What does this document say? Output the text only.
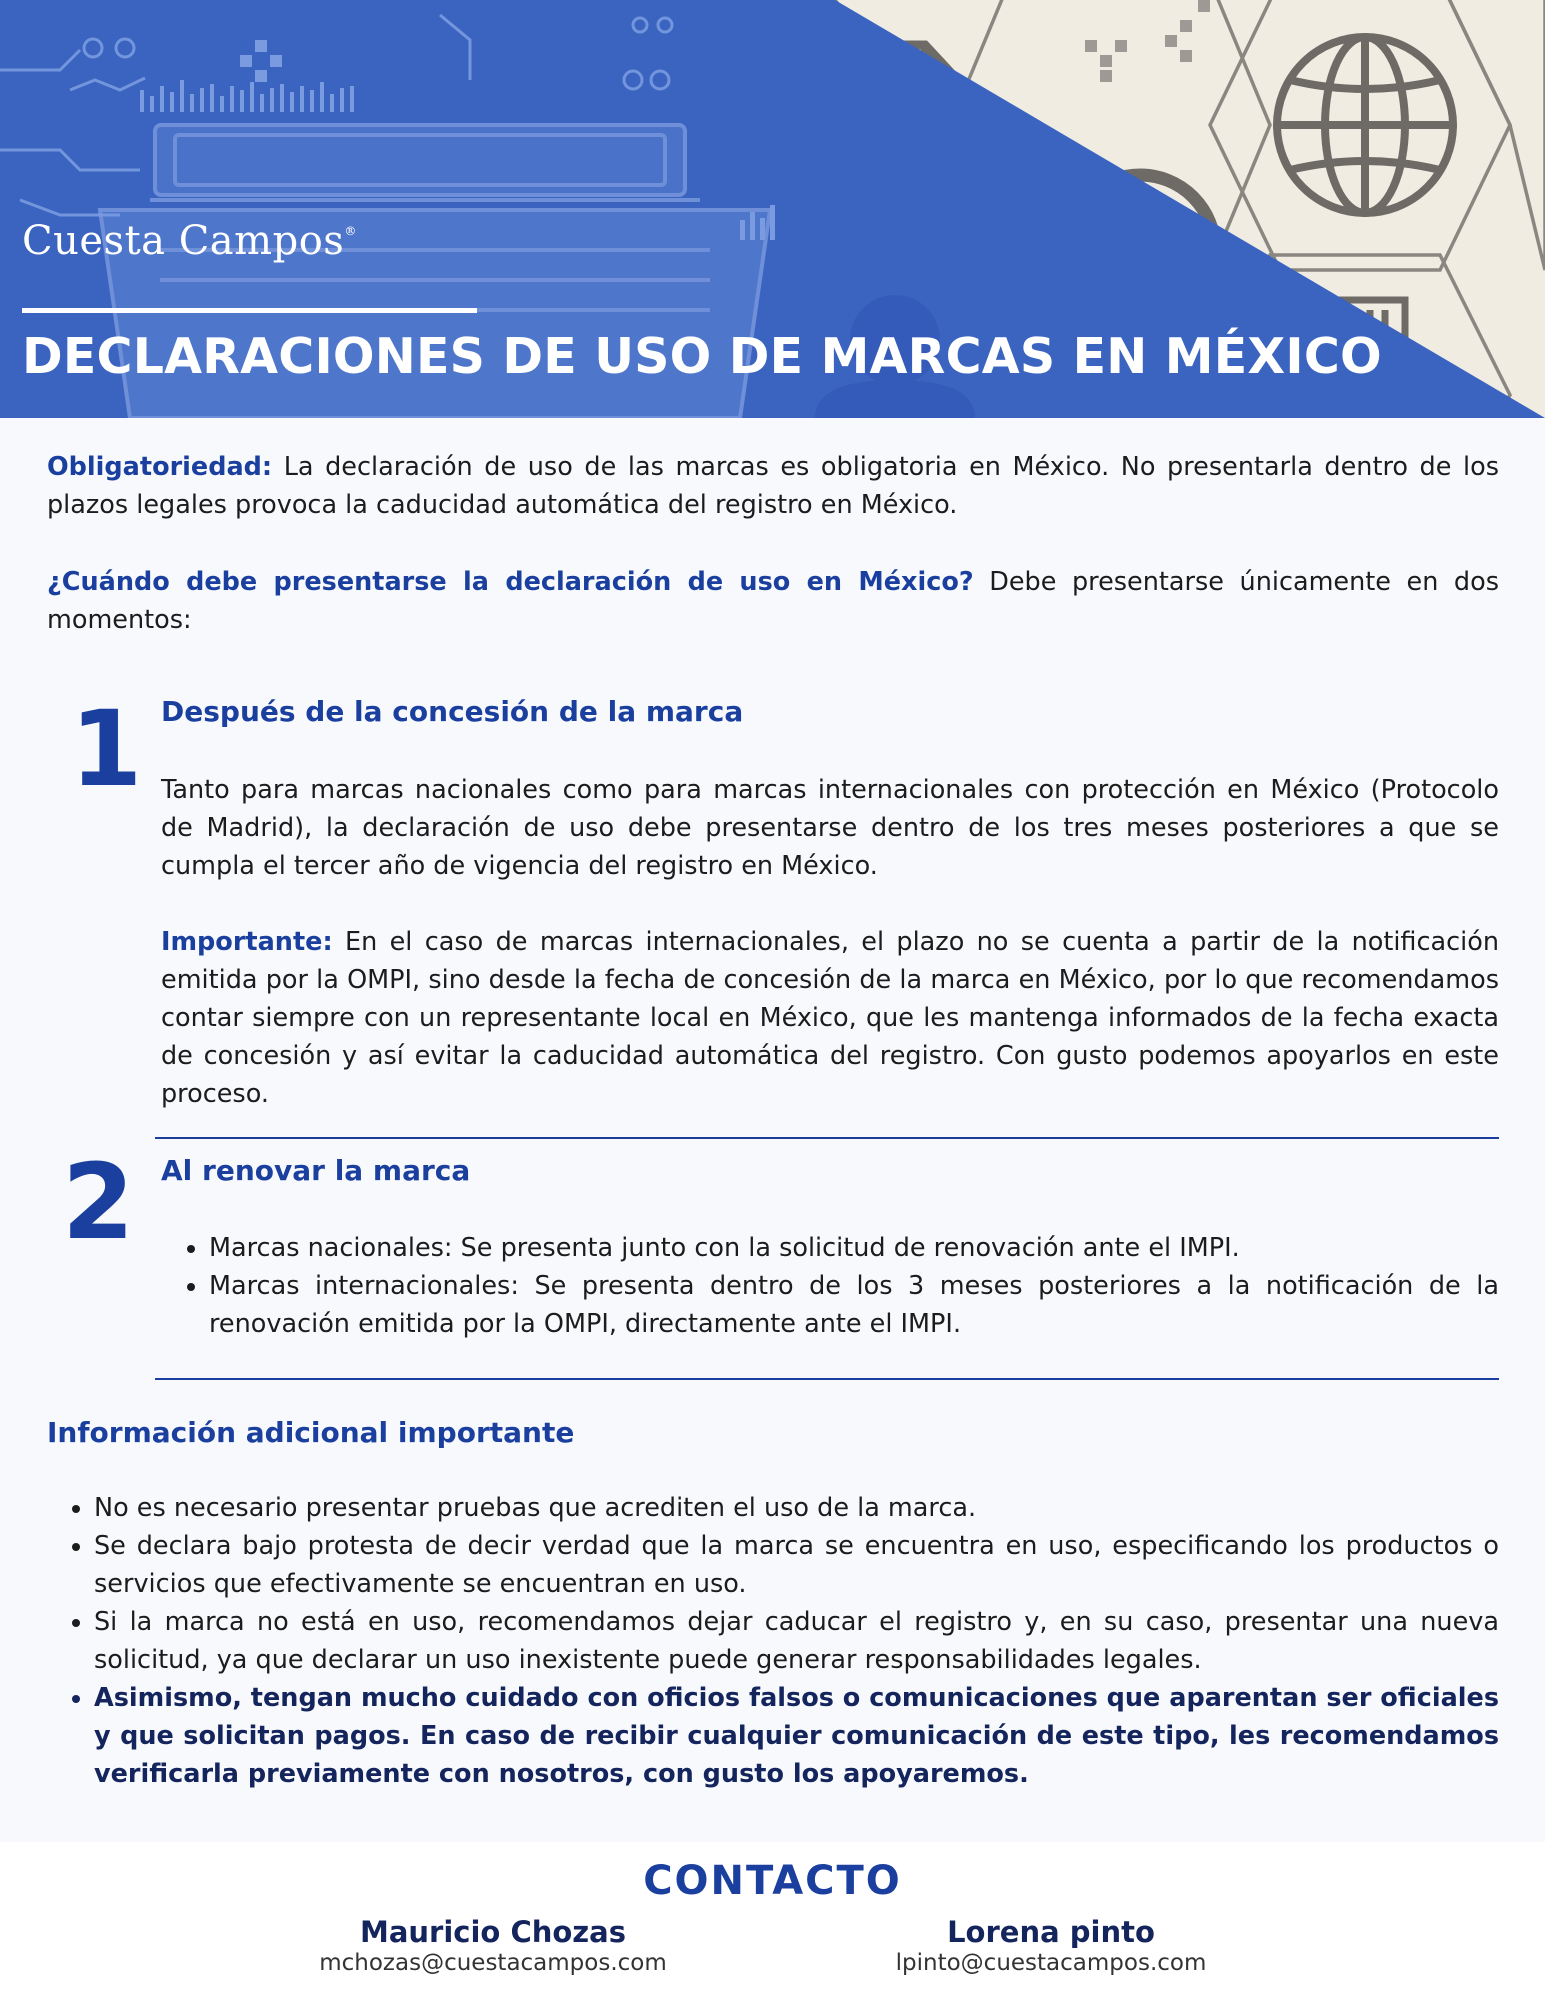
Cuesta Campos®
DECLARACIONES DE USO DE MARCAS EN MÉXICO
Obligatoriedad: La declaración de uso de las marcas es obligatoria en México. No presentarla dentro de los plazos legales provoca la caducidad automática del registro en México.
¿Cuándo debe presentarse la declaración de uso en México? Debe presentarse únicamente en dos momentos:
1 Después de la concesión de la marca
Tanto para marcas nacionales como para marcas internacionales con protección en México (Protocolo de Madrid), la declaración de uso debe presentarse dentro de los tres meses posteriores a que se cumpla el tercer año de vigencia del registro en México.
Importante: En el caso de marcas internacionales, el plazo no se cuenta a partir de la notificación emitida por la OMPI, sino desde la fecha de concesión de la marca en México, por lo que recomendamos contar siempre con un representante local en México, que les mantenga informados de la fecha exacta de concesión y así evitar la caducidad automática del registro. Con gusto podemos apoyarlos en este proceso.
2 Al renovar la marca
• Marcas nacionales: Se presenta junto con la solicitud de renovación ante el IMPI.
• Marcas internacionales: Se presenta dentro de los 3 meses posteriores a la notificación de la renovación emitida por la OMPI, directamente ante el IMPI.
Información adicional importante
• No es necesario presentar pruebas que acrediten el uso de la marca.
• Se declara bajo protesta de decir verdad que la marca se encuentra en uso, especificando los productos o servicios que efectivamente se encuentran en uso.
• Si la marca no está en uso, recomendamos dejar caducar el registro y, en su caso, presentar una nueva solicitud, ya que declarar un uso inexistente puede generar responsabilidades legales.
• Asimismo, tengan mucho cuidado con oficios falsos o comunicaciones que aparentan ser oficiales y que solicitan pagos. En caso de recibir cualquier comunicación de este tipo, les recomendamos verificarla previamente con nosotros, con gusto los apoyaremos.
CONTACTO
Mauricio Chozas
mchozas@cuestacampos.com
Lorena pinto
lpinto@cuestacampos.com
